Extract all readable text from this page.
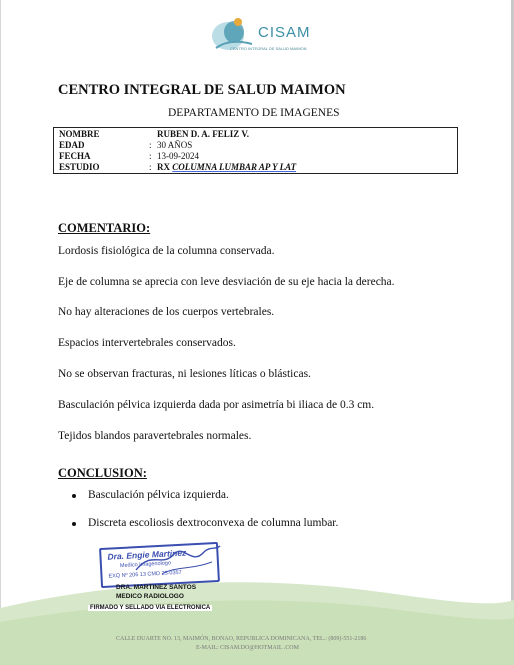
CISAM
CENTRO INTEGRAL DE SALUD MAIMON
CENTRO INTEGRAL DE SALUD MAIMON
DEPARTAMENTO DE IMAGENES
NOMBRE	RUBEN D. A. FELIZ V.
EDAD	: 30 AÑOS
FECHA	: 13-09-2024
ESTUDIO	: RX COLUMNA LUMBAR AP Y LAT
COMENTARIO:

Lordosis fisiológica de la columna conservada.

Eje de columna se aprecia con leve desviación de su eje hacia la derecha.

No hay alteraciones de los cuerpos vertebrales.

Espacios intervertebrales conservados.

No se observan fracturas, ni lesiones líticas o blásticas.

Basculación pélvica izquierda dada por asimetría bi iliaca de 0.3 cm.

Tejidos blandos paravertebrales normales.

CONCLUSION:
Basculación pélvica izquierda.
Discreta escoliosis dextroconvexa de columna lumbar.
Dra. Engie Martinez
Medico Imagenologo
EXQ Nº 206 13 CMD 25-0357
DRA. MARTINEZ SANTOS
MEDICO RADIOLOGO
FIRMADO Y SELLADO VIA ELECTRONICA
CALLE DUARTE NO. 13, MAIMÓN, BONAO, REPUBLICA DOMINICANA, TEL.: (809)-551-2186
E-MAIL: CISAM.DO@HOTMAIL .COM
